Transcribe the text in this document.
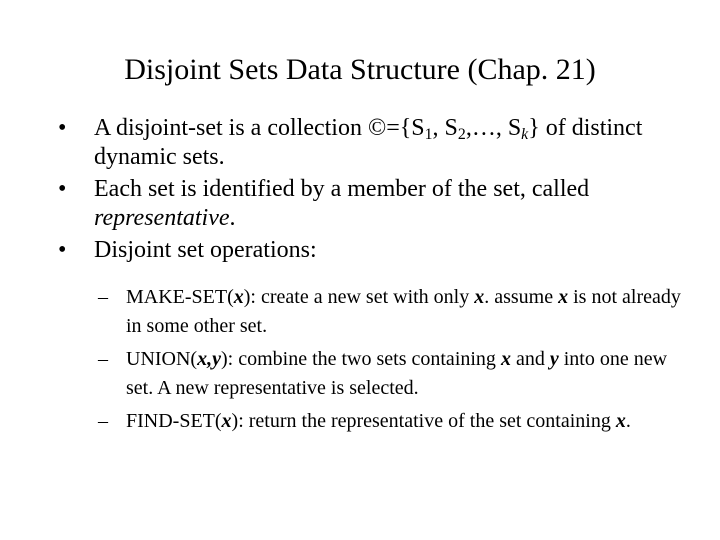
Disjoint Sets Data Structure (Chap. 21)
•	A disjoint-set is a collection $©=\{S_1$, $S_2,\dots$, $S_k$} of distinct dynamic sets.
•	Each set is identified by a member of the set, called representative.
•	Disjoint set operations:
– MAKE-SET(x): create a new set with only x. assume x is not already in some other set.
– UNION(x,y): combine the two sets containing x and y into one new set. A new representative is selected.
– FIND-SET(x): return the representative of the set containing x.
